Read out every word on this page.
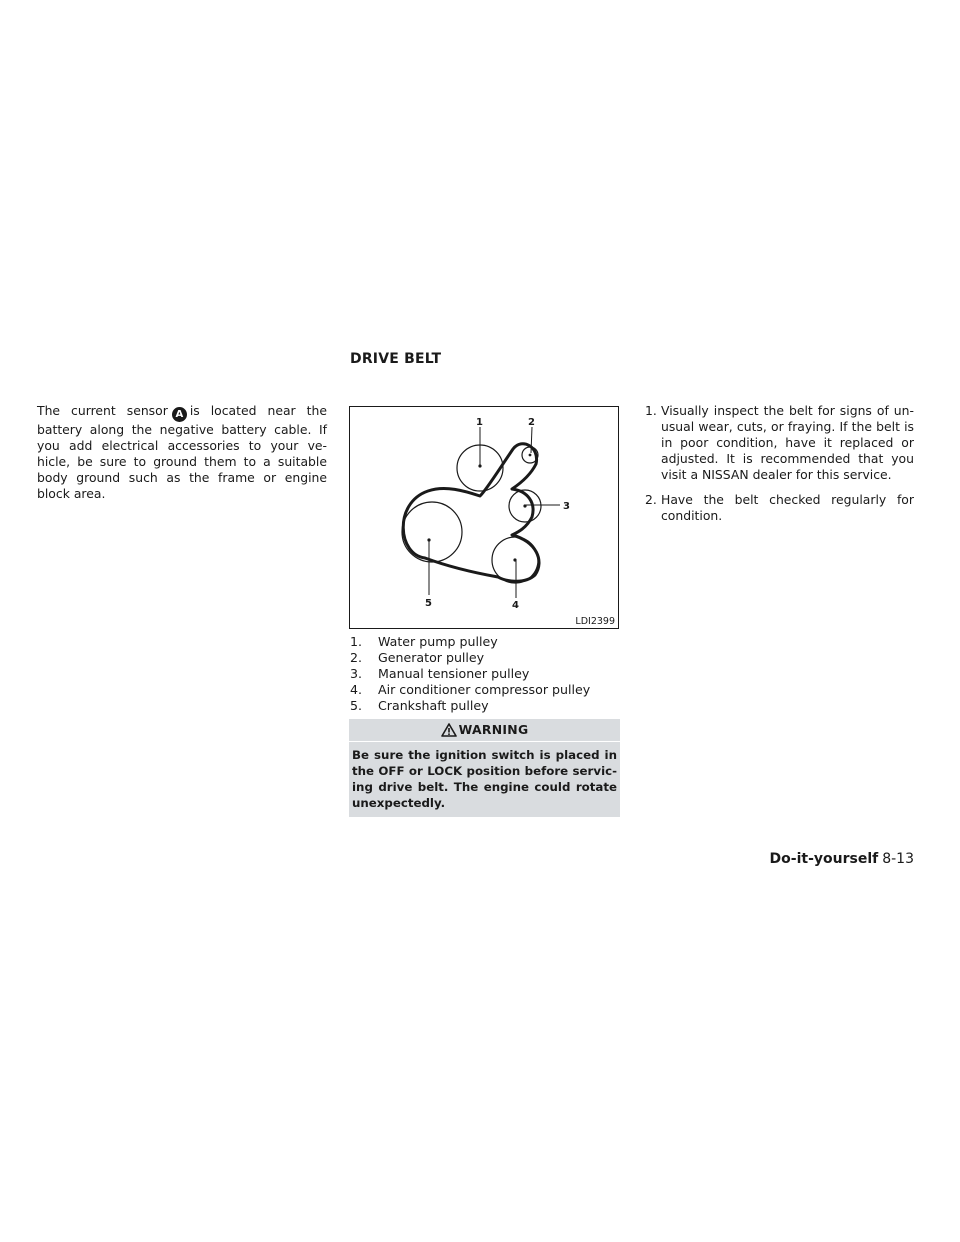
DRIVE BELT

The current sensor A is located near the battery along the negative battery cable. If you add electrical accessories to your ve-hicle, be sure to ground them to a suitable body ground such as the frame or engine block area.

1	2
3
4
5
LDI2399
1. Water pump pulley
2. Generator pulley
3. Manual tensioner pulley
4. Air conditioner compressor pulley
5. Crankshaft pulley
WARNING
Be sure the ignition switch is placed in the OFF or LOCK position before servic-ing drive belt. The engine could rotate unexpectedly.
1. Visually inspect the belt for signs of un-usual wear, cuts, or fraying. If the belt is in poor condition, have it replaced or adjusted. It is recommended that you visit a NISSAN dealer for this service.
2. Have the belt checked regularly for condition.
Do-it-yourself 8-13
